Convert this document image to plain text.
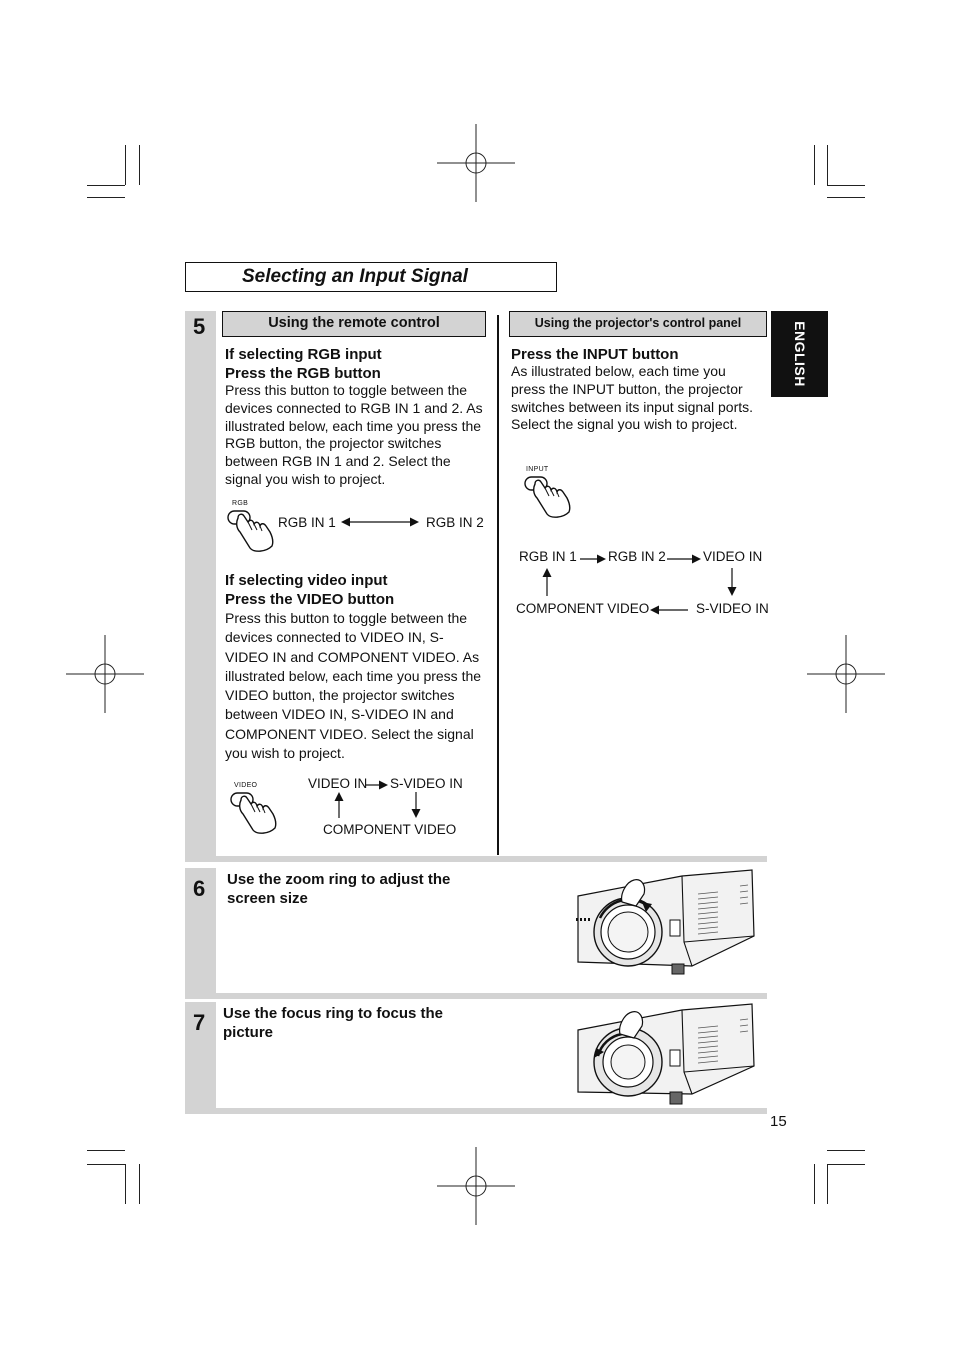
Selecting an Input Signal
ENGLISH
5
6
7
Using the remote control
If selecting RGB input
Press the RGB button
Press this button to toggle between the devices connected to RGB IN 1 and 2. As illustrated below, each time you press the RGB button, the projector switches between RGB IN 1 and 2. Select the signal you wish to project.
RGB
RGB IN 1	RGB IN 2
If selecting video input
Press the VIDEO button
Press this button to toggle between the devices connected to VIDEO IN, S-VIDEO IN and COMPONENT VIDEO. As illustrated below, each time you press the VIDEO button, the projector switches between VIDEO IN, S-VIDEO IN and COMPONENT VIDEO. Select the signal you wish to project.
VIDEO	VIDEO IN S-VIDEO IN
COMPONENT VIDEO
Using the projector's control panel
Press the INPUT button
As illustrated below, each time you press the INPUT button, the projector switches between its input signal ports. Select the signal you wish to project.
INPUT
RGB IN 1 RGB IN 2	VIDEO IN
COMPONENT VIDEO	S-VIDEO IN
Use the zoom ring to adjust the
screen size
Use the focus ring to focus the
picture
15
